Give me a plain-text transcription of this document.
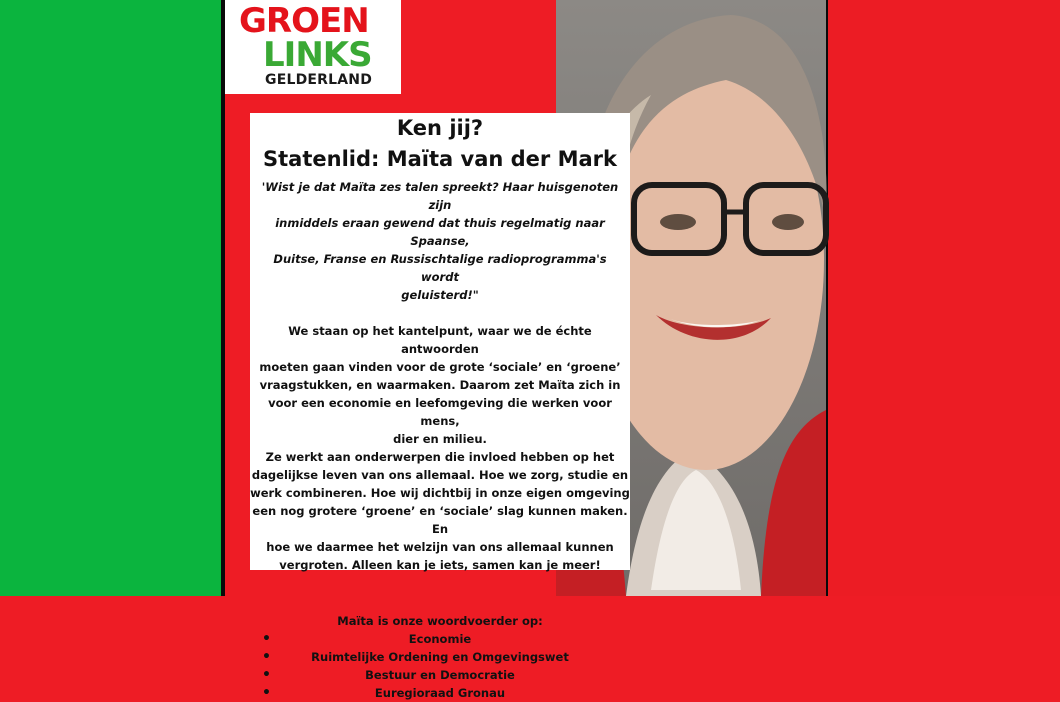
GROEN
LINKS
GELDERLAND
Ken jij?
Statenlid: Maïta van der Mark
'Wist je dat Maïta zes talen spreekt? Haar huisgenoten zijn
inmiddels eraan gewend dat thuis regelmatig naar Spaanse,
Duitse, Franse en Russischtalige radioprogramma's wordt
geluisterd!"

We staan op het kantelpunt, waar we de échte antwoorden

moeten gaan vinden voor de grote ‘sociale’ en ‘groene’

vraagstukken, en waarmaken. Daarom zet Maïta zich in

voor een economie en leefomgeving die werken voor mens,

dier en milieu.

Ze werkt aan onderwerpen die invloed hebben op het

dagelijkse leven van ons allemaal. Hoe we zorg, studie en

werk combineren. Hoe wij dichtbij in onze eigen omgeving

een nog grotere ‘groene’ en ‘sociale’ slag kunnen maken. En

hoe we daarmee het welzijn van ons allemaal kunnen

vergroten. Alleen kan je iets, samen kan je meer!

Maïta is onze woordvoerder op:
• Economie
• Ruimtelijke Ordening en Omgevingswet
• Bestuur en Democratie
• Euregioraad Gronau
